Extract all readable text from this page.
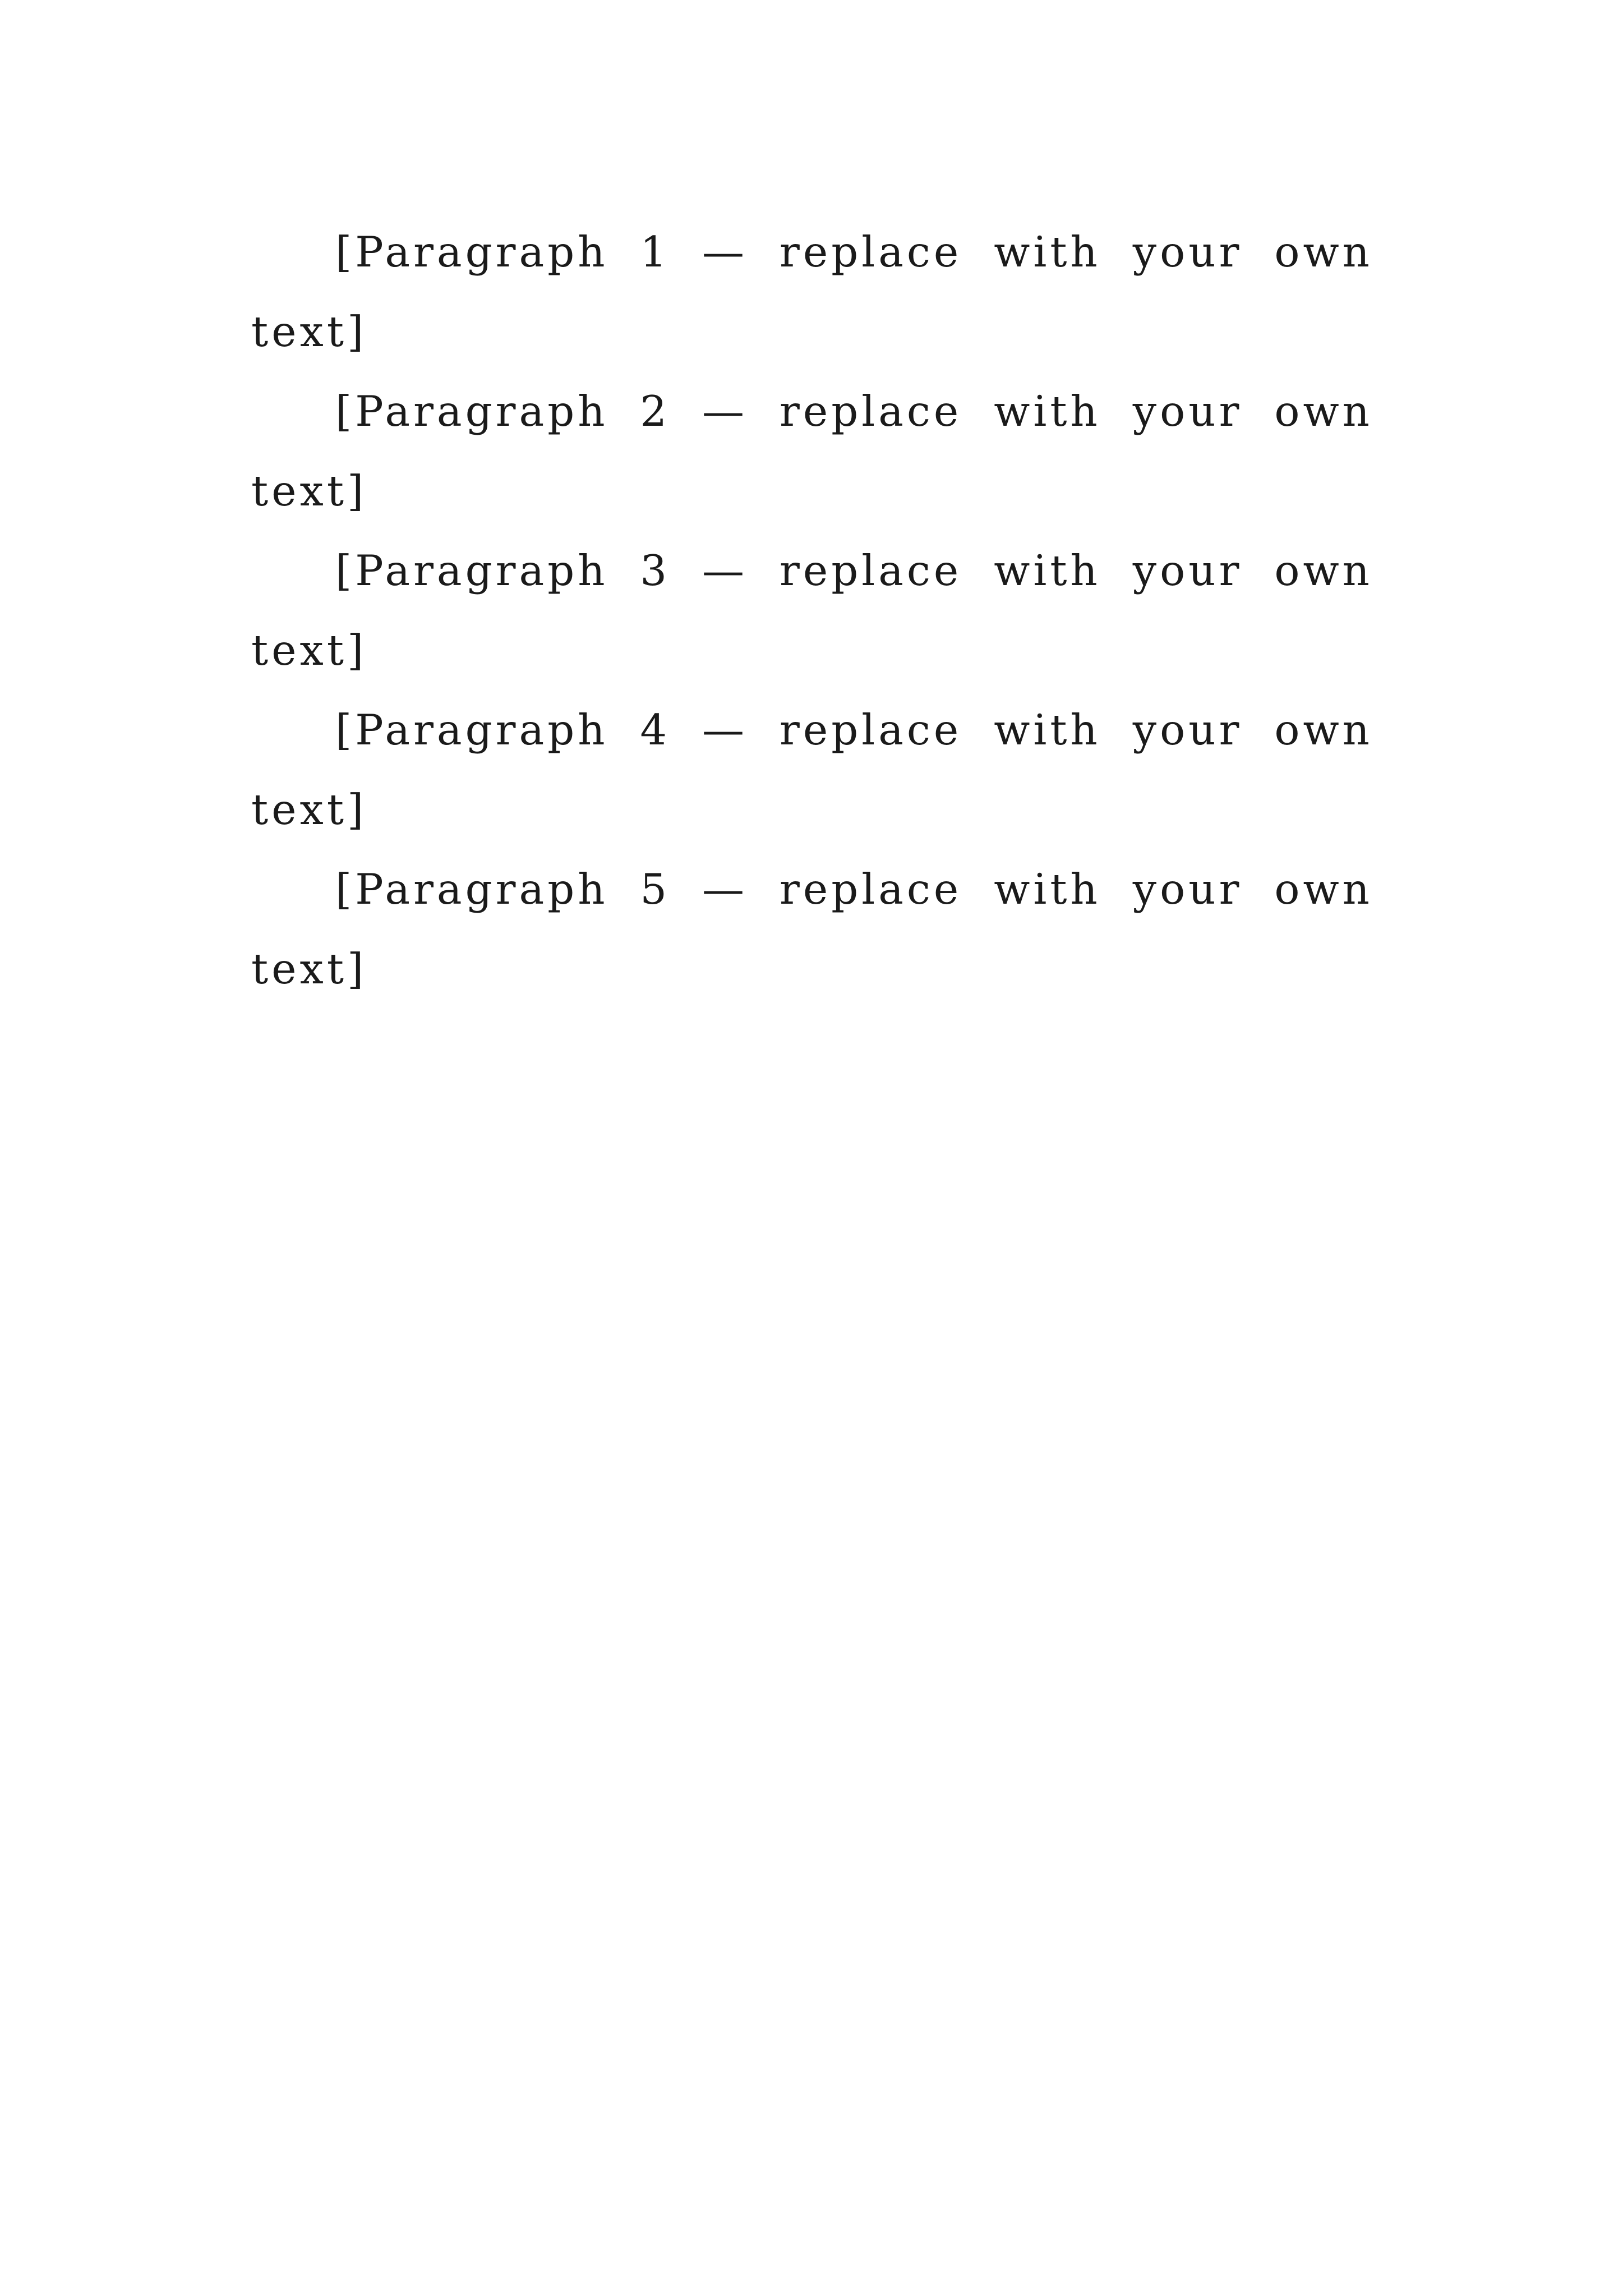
[Paragraph 1 — replace with your own text]

[Paragraph 2 — replace with your own text]

[Paragraph 3 — replace with your own text]

[Paragraph 4 — replace with your own text]

[Paragraph 5 — replace with your own text]
